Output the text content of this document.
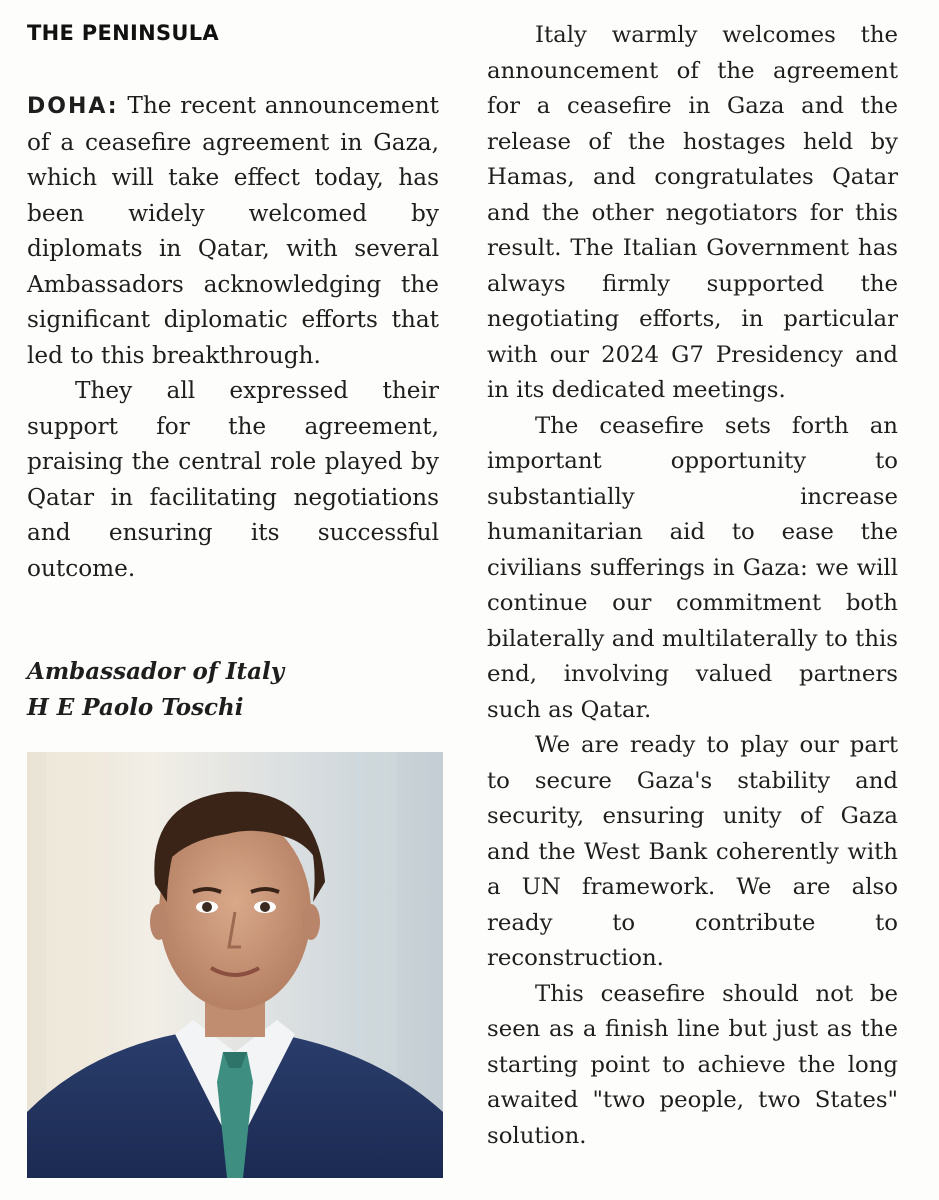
THE PENINSULA

DOHA: The recent announcement of a ceasefire agreement in Gaza, which will take effect today, has been widely welcomed by diplomats in Qatar, with several Ambassadors acknowledging the significant diplomatic efforts that led to this breakthrough.

They all expressed their support for the agreement, praising the central role played by Qatar in facilitating negotiations and ensuring its successful outcome.

Ambassador of Italy
H E Paolo Toschi

Italy warmly welcomes the announcement of the agreement for a ceasefire in Gaza and the release of the hostages held by Hamas, and congratulates Qatar and the other negotiators for this result. The Italian Government has always firmly supported the negotiating efforts, in particular with our 2024 G7 Presidency and in its dedicated meetings.

The ceasefire sets forth an important opportunity to substantially increase humanitarian aid to ease the civilians sufferings in Gaza: we will continue our commitment both bilaterally and multilaterally to this end, involving valued partners such as Qatar.

We are ready to play our part to secure Gaza's stability and security, ensuring unity of Gaza and the West Bank coherently with a UN framework. We are also ready to contribute to reconstruction.

This ceasefire should not be seen as a finish line but just as the starting point to achieve the long awaited "two people, two States" solution.
